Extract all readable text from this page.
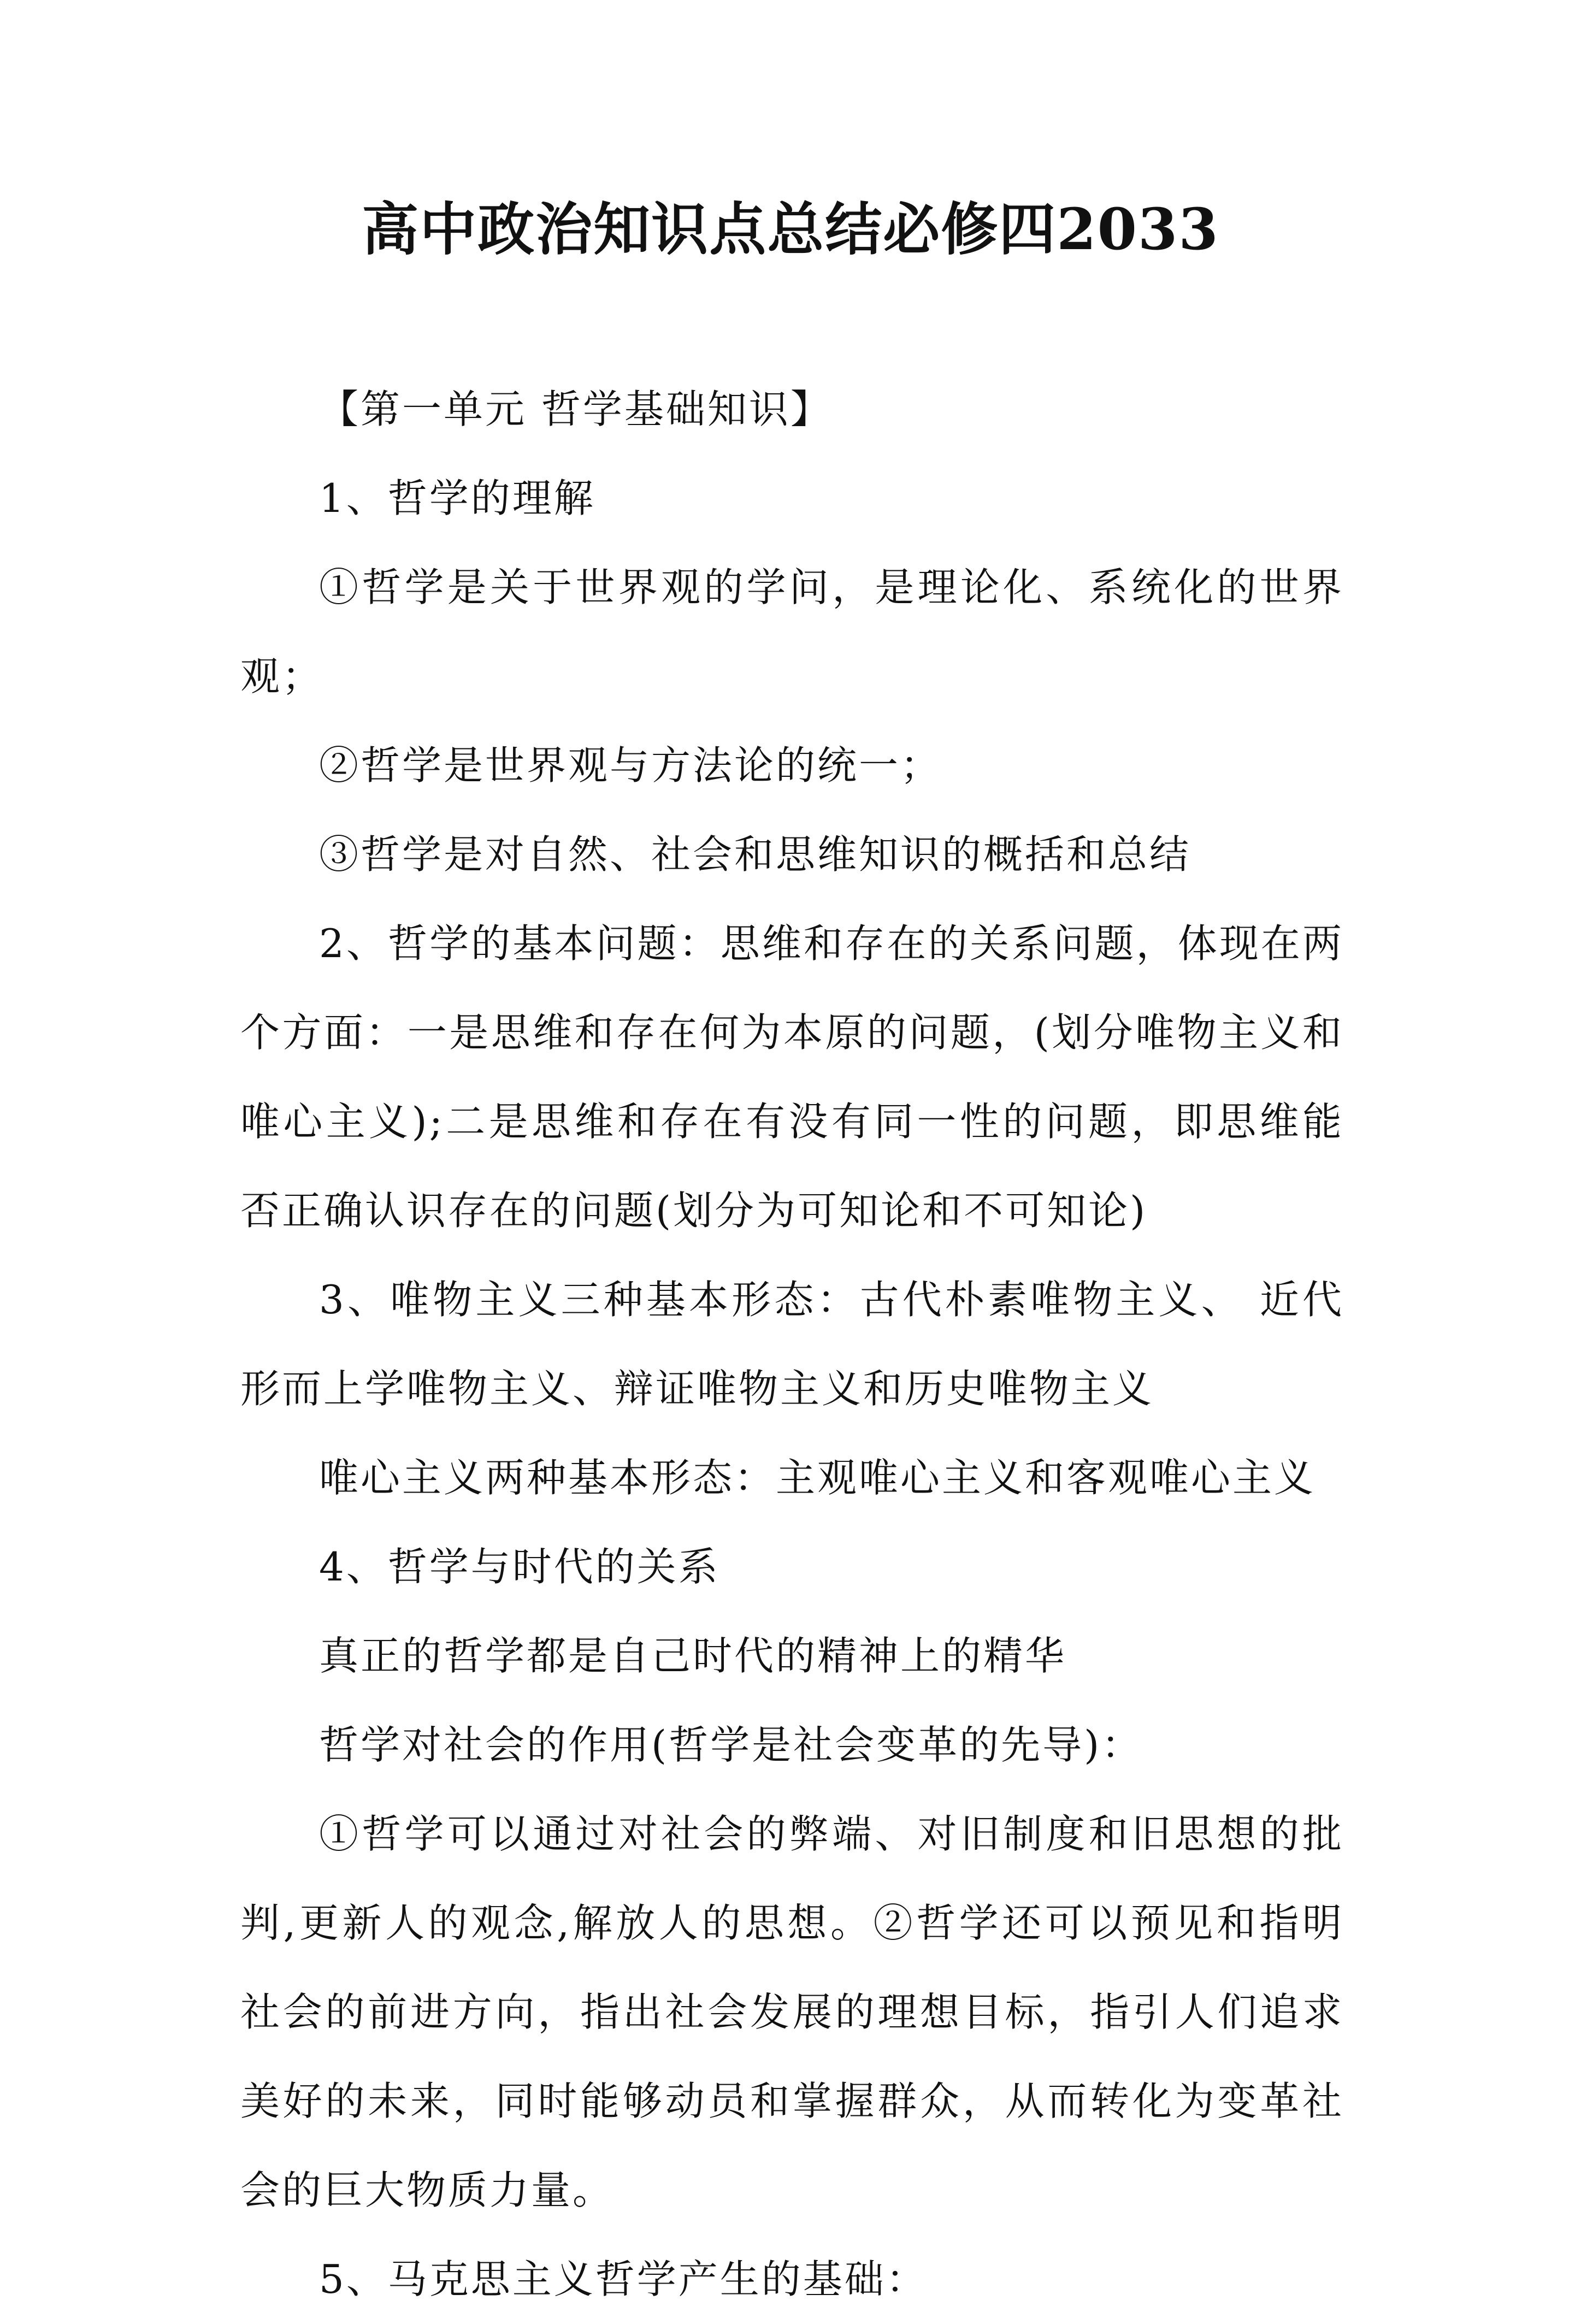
高中政治知识点总结必修四2033

【第一单元 哲学基础知识】

1、哲学的理解

①哲学是关于世界观的学问，是理论化、系统化的世界观；

②哲学是世界观与方法论的统一；

③哲学是对自然、社会和思维知识的概括和总结

2、哲学的基本问题：思维和存在的关系问题，体现在两个方面：一是思维和存在何为本原的问题，(划分唯物主义和唯心主义);二是思维和存在有没有同一性的问题，即思维能否正确认识存在的问题(划分为可知论和不可知论)

3、唯物主义三种基本形态：古代朴素唯物主义、 近代形而上学唯物主义、辩证唯物主义和历史唯物主义

唯心主义两种基本形态：主观唯心主义和客观唯心主义

4、哲学与时代的关系

真正的哲学都是自己时代的精神上的精华

哲学对社会的作用(哲学是社会变革的先导)：

①哲学可以通过对社会的弊端、对旧制度和旧思想的批判,更新人的观念,解放人的思想。②哲学还可以预见和指明社会的前进方向，指出社会发展的理想目标，指引人们追求美好的未来，同时能够动员和掌握群众，从而转化为变革社会的巨大物质力量。

5、马克思主义哲学产生的基础：
